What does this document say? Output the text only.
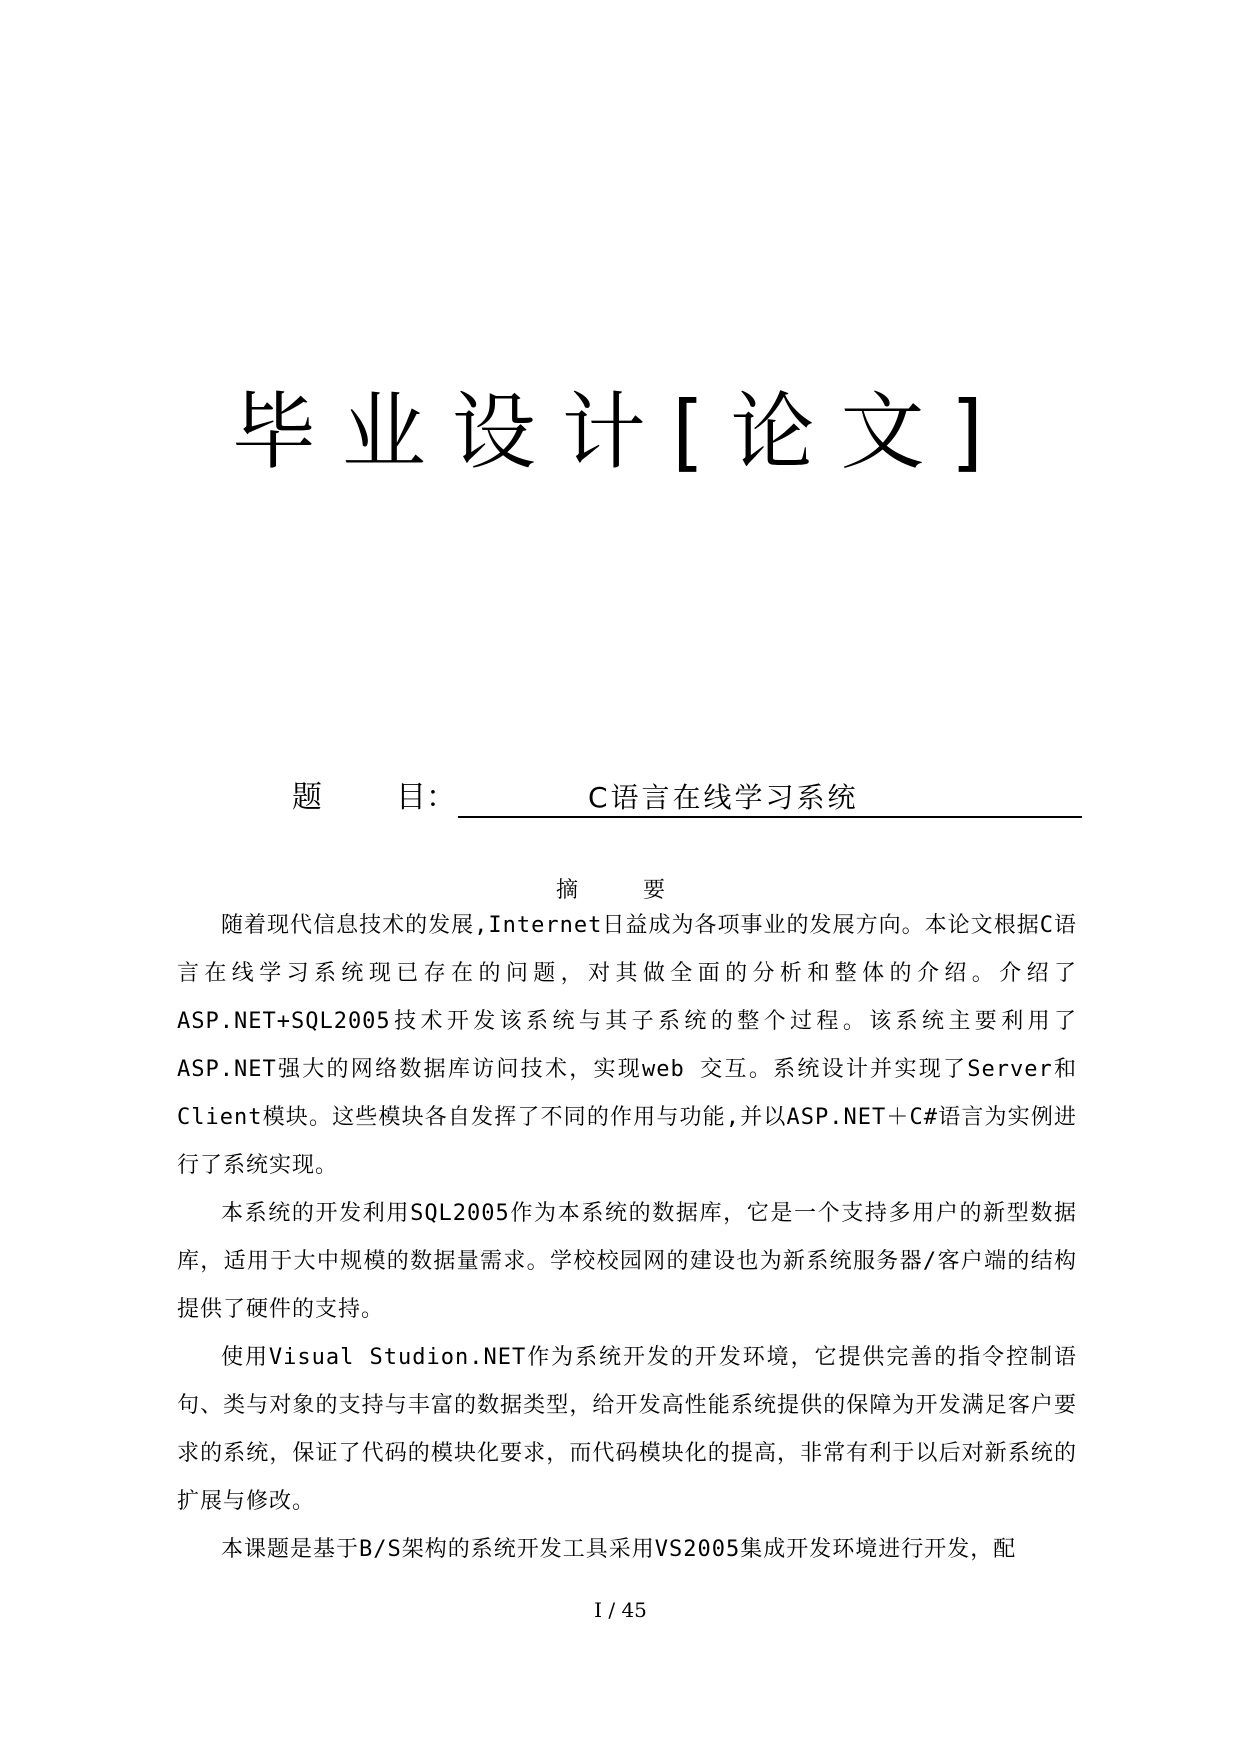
毕业设计[论文]
题 目：	C语言在线学习系统
摘 要

随着现代信息技术的发展,Internet日益成为各项事业的发展方向。本论文根据C语言在线学习系统现已存在的问题，对其做全面的分析和整体的介绍。介绍了ASP.NET+SQL2005技术开发该系统与其子系统的整个过程。该系统主要利用了ASP.NET强大的网络数据库访问技术，实现web 交互。系统设计并实现了Server和Client模块。这些模块各自发挥了不同的作用与功能,并以ASP.NET＋C#语言为实例进行了系统实现。

本系统的开发利用SQL2005作为本系统的数据库，它是一个支持多用户的新型数据库，适用于大中规模的数据量需求。学校校园网的建设也为新系统服务器/客户端的结构提供了硬件的支持。

使用Visual Studion.NET作为系统开发的开发环境，它提供完善的指令控制语句、类与对象的支持与丰富的数据类型，给开发高性能系统提供的保障为开发满足客户要求的系统，保证了代码的模块化要求，而代码模块化的提高，非常有利于以后对新系统的扩展与修改。

本课题是基于B/S架构的系统开发工具采用VS2005集成开发环境进行开发，配

I / 45
